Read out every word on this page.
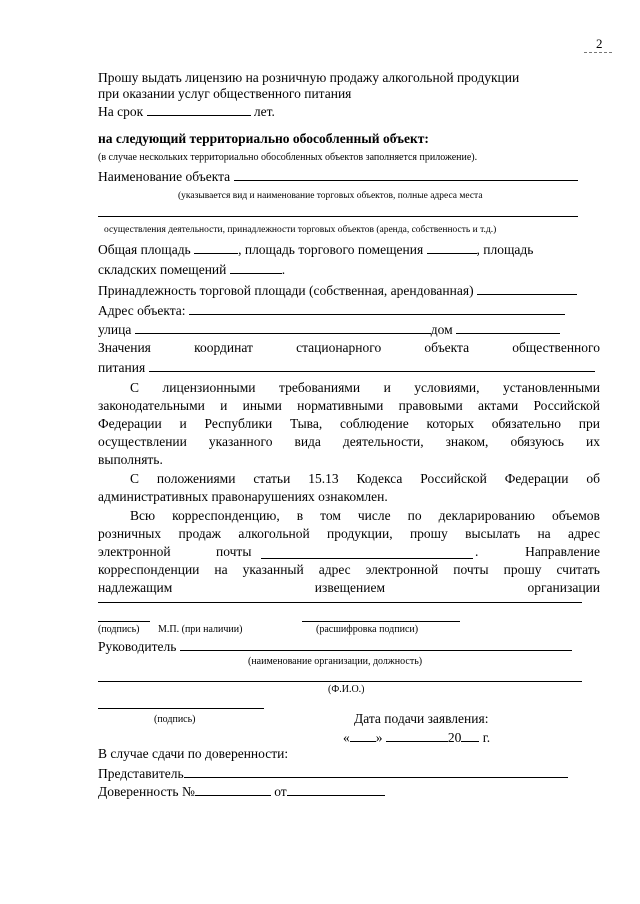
2
Прошу выдать лицензию на розничную продажу алкогольной продукции
при оказании услуг общественного питания
На срок	лет.
на следующий территориально обособленный объект:
(в случае нескольких территориально обособленных объектов заполняется приложение).
Наименование объекта
(указывается вид и наименование торговых объектов, полные адреса места
осуществления деятельности, принадлежности торговых объектов (аренда, собственность и т.д.)
Общая площадь	, площадь торгового помещения	, площадь
складских помещений	.
Принадлежность торговой площади (собственная, арендованная)
Адрес объекта:
улица	дом
Значения	координат	стационарного	объекта	общественного
питания
С лицензионными требованиями и условиями, установленными
законодательными и иными нормативными правовыми актами Российской
Федерации и Республики Тыва, соблюдение которых обязательно при
осуществлении указанного вида деятельности, знаком, обязуюсь их
выполнять.
С положениями статьи 15.13 Кодекса Российской Федерации об
административных правонарушениях ознакомлен.
Всю корреспонденцию, в том числе по декларированию объемов
розничных продаж алкогольной продукции, прошу высылать на адрес
электронной	почты	.	Направление
корреспонденции на указанный адрес электронной почты прошу считать
надлежащим	извещением	организации
(подпись) М.П. (при наличии)	(расшифровка подписи)
Руководитель
(наименование организации, должность)
(Ф.И.О.)
(подпись)	Дата подачи заявления:
« »	20 г.
В случае сдачи по доверенности:
Представитель
Доверенность №	от
